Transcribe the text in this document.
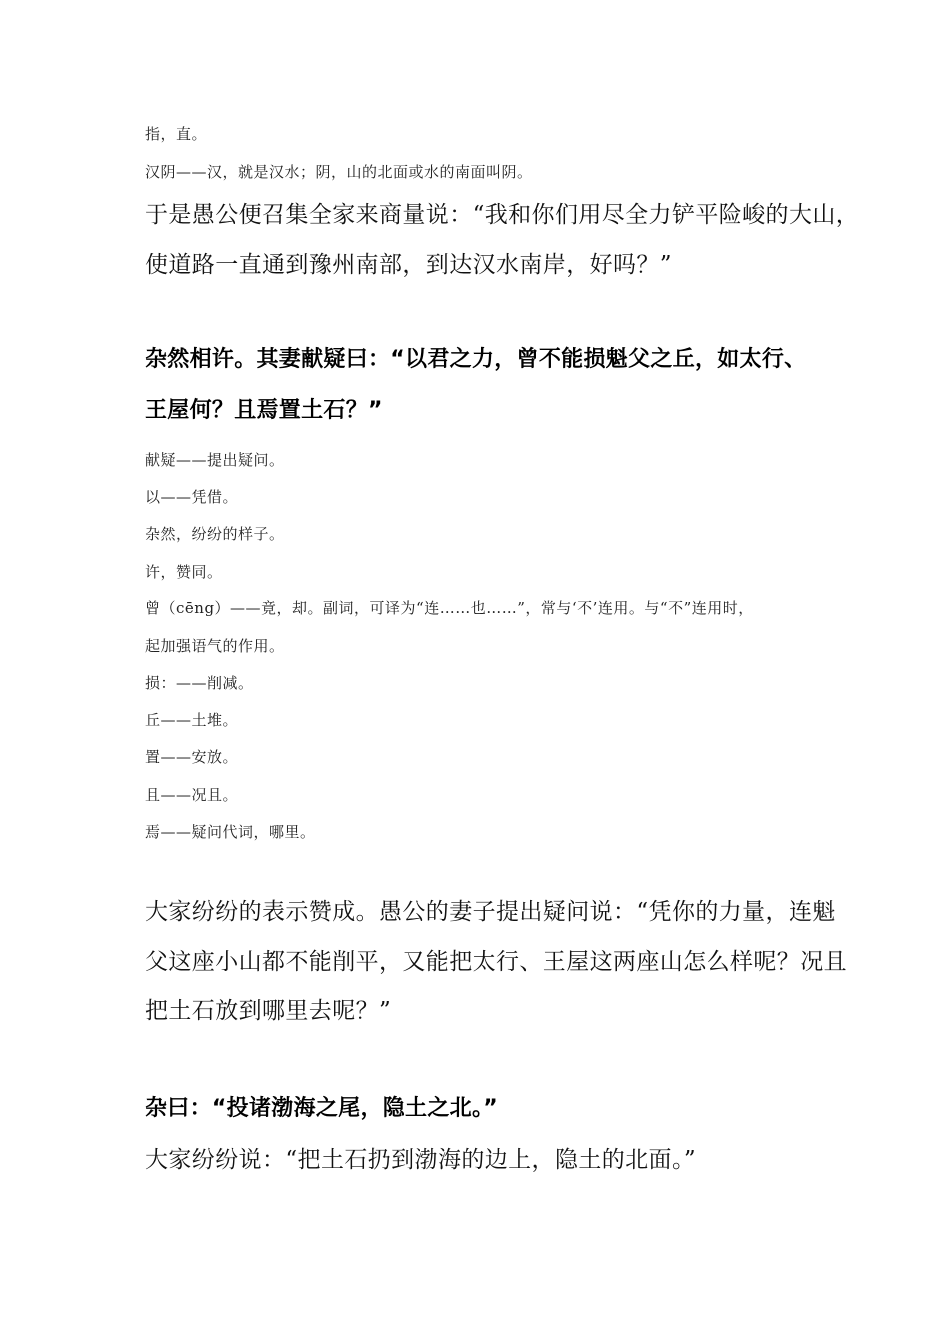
指，直。

汉阴——汉，就是汉水；阴，山的北面或水的南面叫阴。

于是愚公便召集全家来商量说：“我和你们用尽全力铲平险峻的大山，

使道路一直通到豫州南部，到达汉水南岸，好吗？”

杂然相许。其妻献疑曰：“以君之力，曾不能损魁父之丘，如太行、

王屋何？且焉置土石？”

献疑——提出疑问。

以——凭借。

杂然，纷纷的样子。

许，赞同。

曾（cēng）——竟，却。副词，可译为“连……也……”，常与‘不’连用。与“不”连用时，

起加强语气的作用。

损：——削减。

丘——土堆。

置——安放。

且——况且。

焉——疑问代词，哪里。

大家纷纷的表示赞成。愚公的妻子提出疑问说：“凭你的力量，连魁

父这座小山都不能削平，又能把太行、王屋这两座山怎么样呢？况且

把土石放到哪里去呢？”

杂曰：“投诸渤海之尾，隐土之北。”

大家纷纷说：“把土石扔到渤海的边上，隐土的北面。”
